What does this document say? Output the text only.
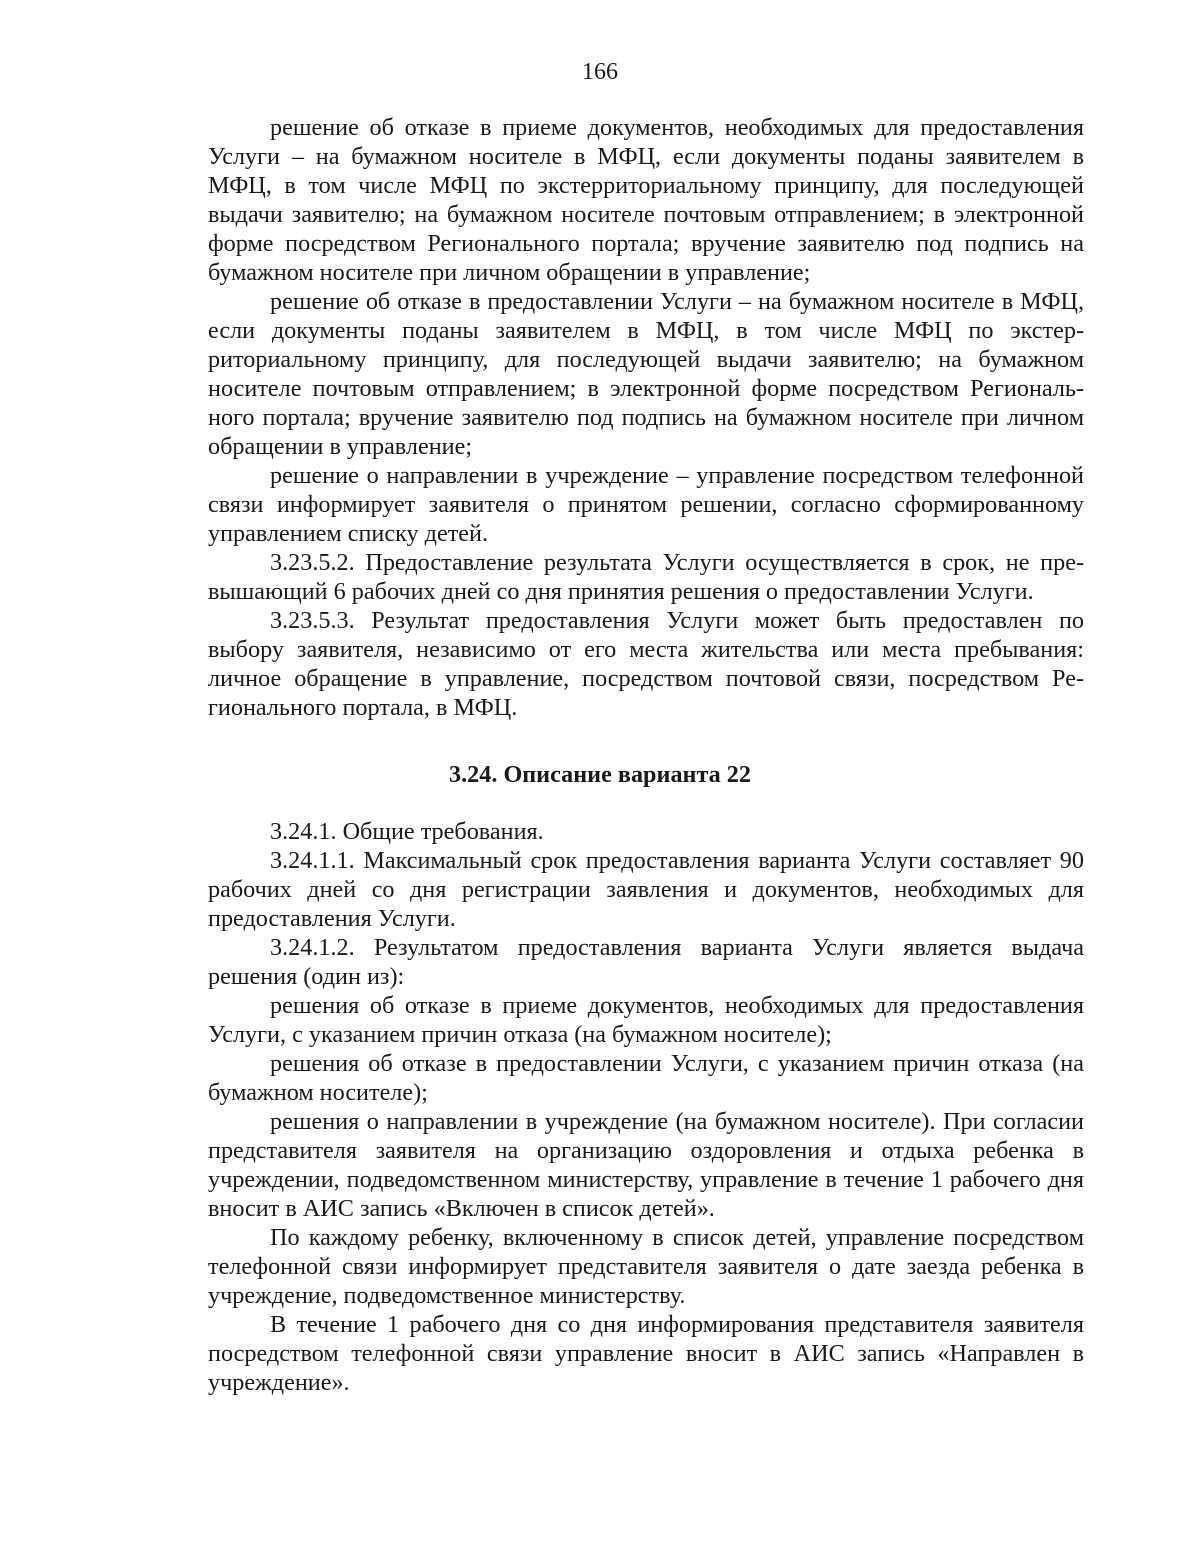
166

решение об отказе в приеме документов, необходимых для предоставления Услуги – на бумажном носителе в МФЦ, если документы поданы заявителем в МФЦ, в том числе МФЦ по экстерриториальному принципу, для последующей выдачи заявителю; на бумажном носителе почтовым отправлением; в электронной форме посредством Регионального портала; вручение заявителю под подпись на бумажном носителе при личном обращении в управление;

решение об отказе в предоставлении Услуги – на бумажном носителе в МФЦ, если документы поданы заявителем в МФЦ, в том числе МФЦ по экстерриториальному принципу, для последующей выдачи заявителю; на бумажном носителе почтовым отправлением; в электронной форме посредством Регионального портала; вручение заявителю под подпись на бумажном носителе при личном обращении в управление;

решение о направлении в учреждение – управление посредством телефонной связи информирует заявителя о принятом решении, согласно сформированному управлением списку детей.

3.23.5.2. Предоставление результата Услуги осуществляется в срок, не превышающий 6 рабочих дней со дня принятия решения о предоставлении Услуги.

3.23.5.3. Результат предоставления Услуги может быть предоставлен по выбору заявителя, независимо от его места жительства или места пребывания: личное обращение в управление, посредством почтовой связи, посредством Регионального портала, в МФЦ.

3.24. Описание варианта 22

3.24.1. Общие требования.

3.24.1.1. Максимальный срок предоставления варианта Услуги составляет 90 рабочих дней со дня регистрации заявления и документов, необходимых для предоставления Услуги.

3.24.1.2. Результатом предоставления варианта Услуги является выдача решения (один из):

решения об отказе в приеме документов, необходимых для предоставления Услуги, с указанием причин отказа (на бумажном носителе);

решения об отказе в предоставлении Услуги, с указанием причин отказа (на бумажном носителе);

решения о направлении в учреждение (на бумажном носителе). При согласии представителя заявителя на организацию оздоровления и отдыха ребенка в учреждении, подведомственном министерству, управление в течение 1 рабочего дня вносит в АИС запись «Включен в список детей».

По каждому ребенку, включенному в список детей, управление посредством телефонной связи информирует представителя заявителя о дате заезда ребенка в учреждение, подведомственное министерству.

В течение 1 рабочего дня со дня информирования представителя заявителя посредством телефонной связи управление вносит в АИС запись «Направлен в учреждение».
